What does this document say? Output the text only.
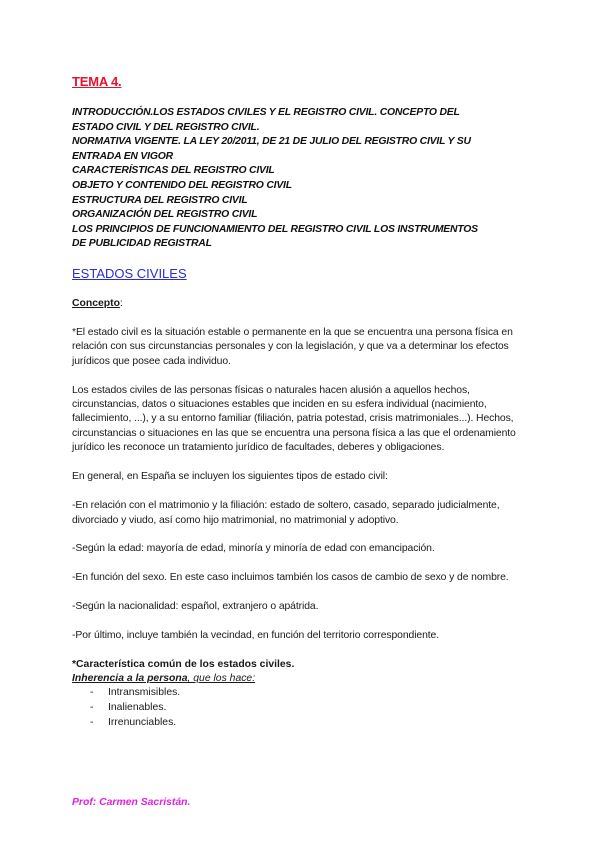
TEMA 4.
INTRODUCCIÓN.LOS ESTADOS CIVILES Y EL REGISTRO CIVIL. CONCEPTO DEL
ESTADO CIVIL Y DEL REGISTRO CIVIL.
NORMATIVA VIGENTE. LA LEY 20/2011, DE 21 DE JULIO DEL REGISTRO CIVIL Y SU
ENTRADA EN VIGOR
CARACTERÍSTICAS DEL REGISTRO CIVIL
OBJETO Y CONTENIDO DEL REGISTRO CIVIL
ESTRUCTURA DEL REGISTRO CIVIL
ORGANIZACIÓN DEL REGISTRO CIVIL
LOS PRINCIPIOS DE FUNCIONAMIENTO DEL REGISTRO CIVIL LOS INSTRUMENTOS
DE PUBLICIDAD REGISTRAL
ESTADOS CIVILES
Concepto:

*El estado civil es la situación estable o permanente en la que se encuentra una persona física en relación con sus circunstancias personales y con la legislación, y que va a determinar los efectos jurídicos que posee cada individuo.

Los estados civiles de las personas físicas o naturales hacen alusión a aquellos hechos, circunstancias, datos o situaciones estables que inciden en su esfera individual (nacimiento, fallecimiento, ...), y a su entorno familiar (filiación, patria potestad, crisis matrimoniales...). Hechos, circunstancias o situaciones en las que se encuentra una persona física a las que el ordenamiento jurídico les reconoce un tratamiento jurídico de facultades, deberes y obligaciones.

En general, en España se incluyen los siguientes tipos de estado civil:

-En relación con el matrimonio y la filiación: estado de soltero, casado, separado judicialmente, divorciado y viudo, así como hijo matrimonial, no matrimonial y adoptivo.

-Según la edad: mayoría de edad, minoría y minoría de edad con emancipación.

-En función del sexo. En este caso incluimos también los casos de cambio de sexo y de nombre.

-Según la nacionalidad: español, extranjero o apátrida.

-Por último, incluye también la vecindad, en función del territorio correspondiente.

*Característica común de los estados civiles.
Inherencia a la persona, que los hace:
- Intransmisibles.
- Inalienables.
- Irrenunciables.
Prof: Carmen Sacristán.
